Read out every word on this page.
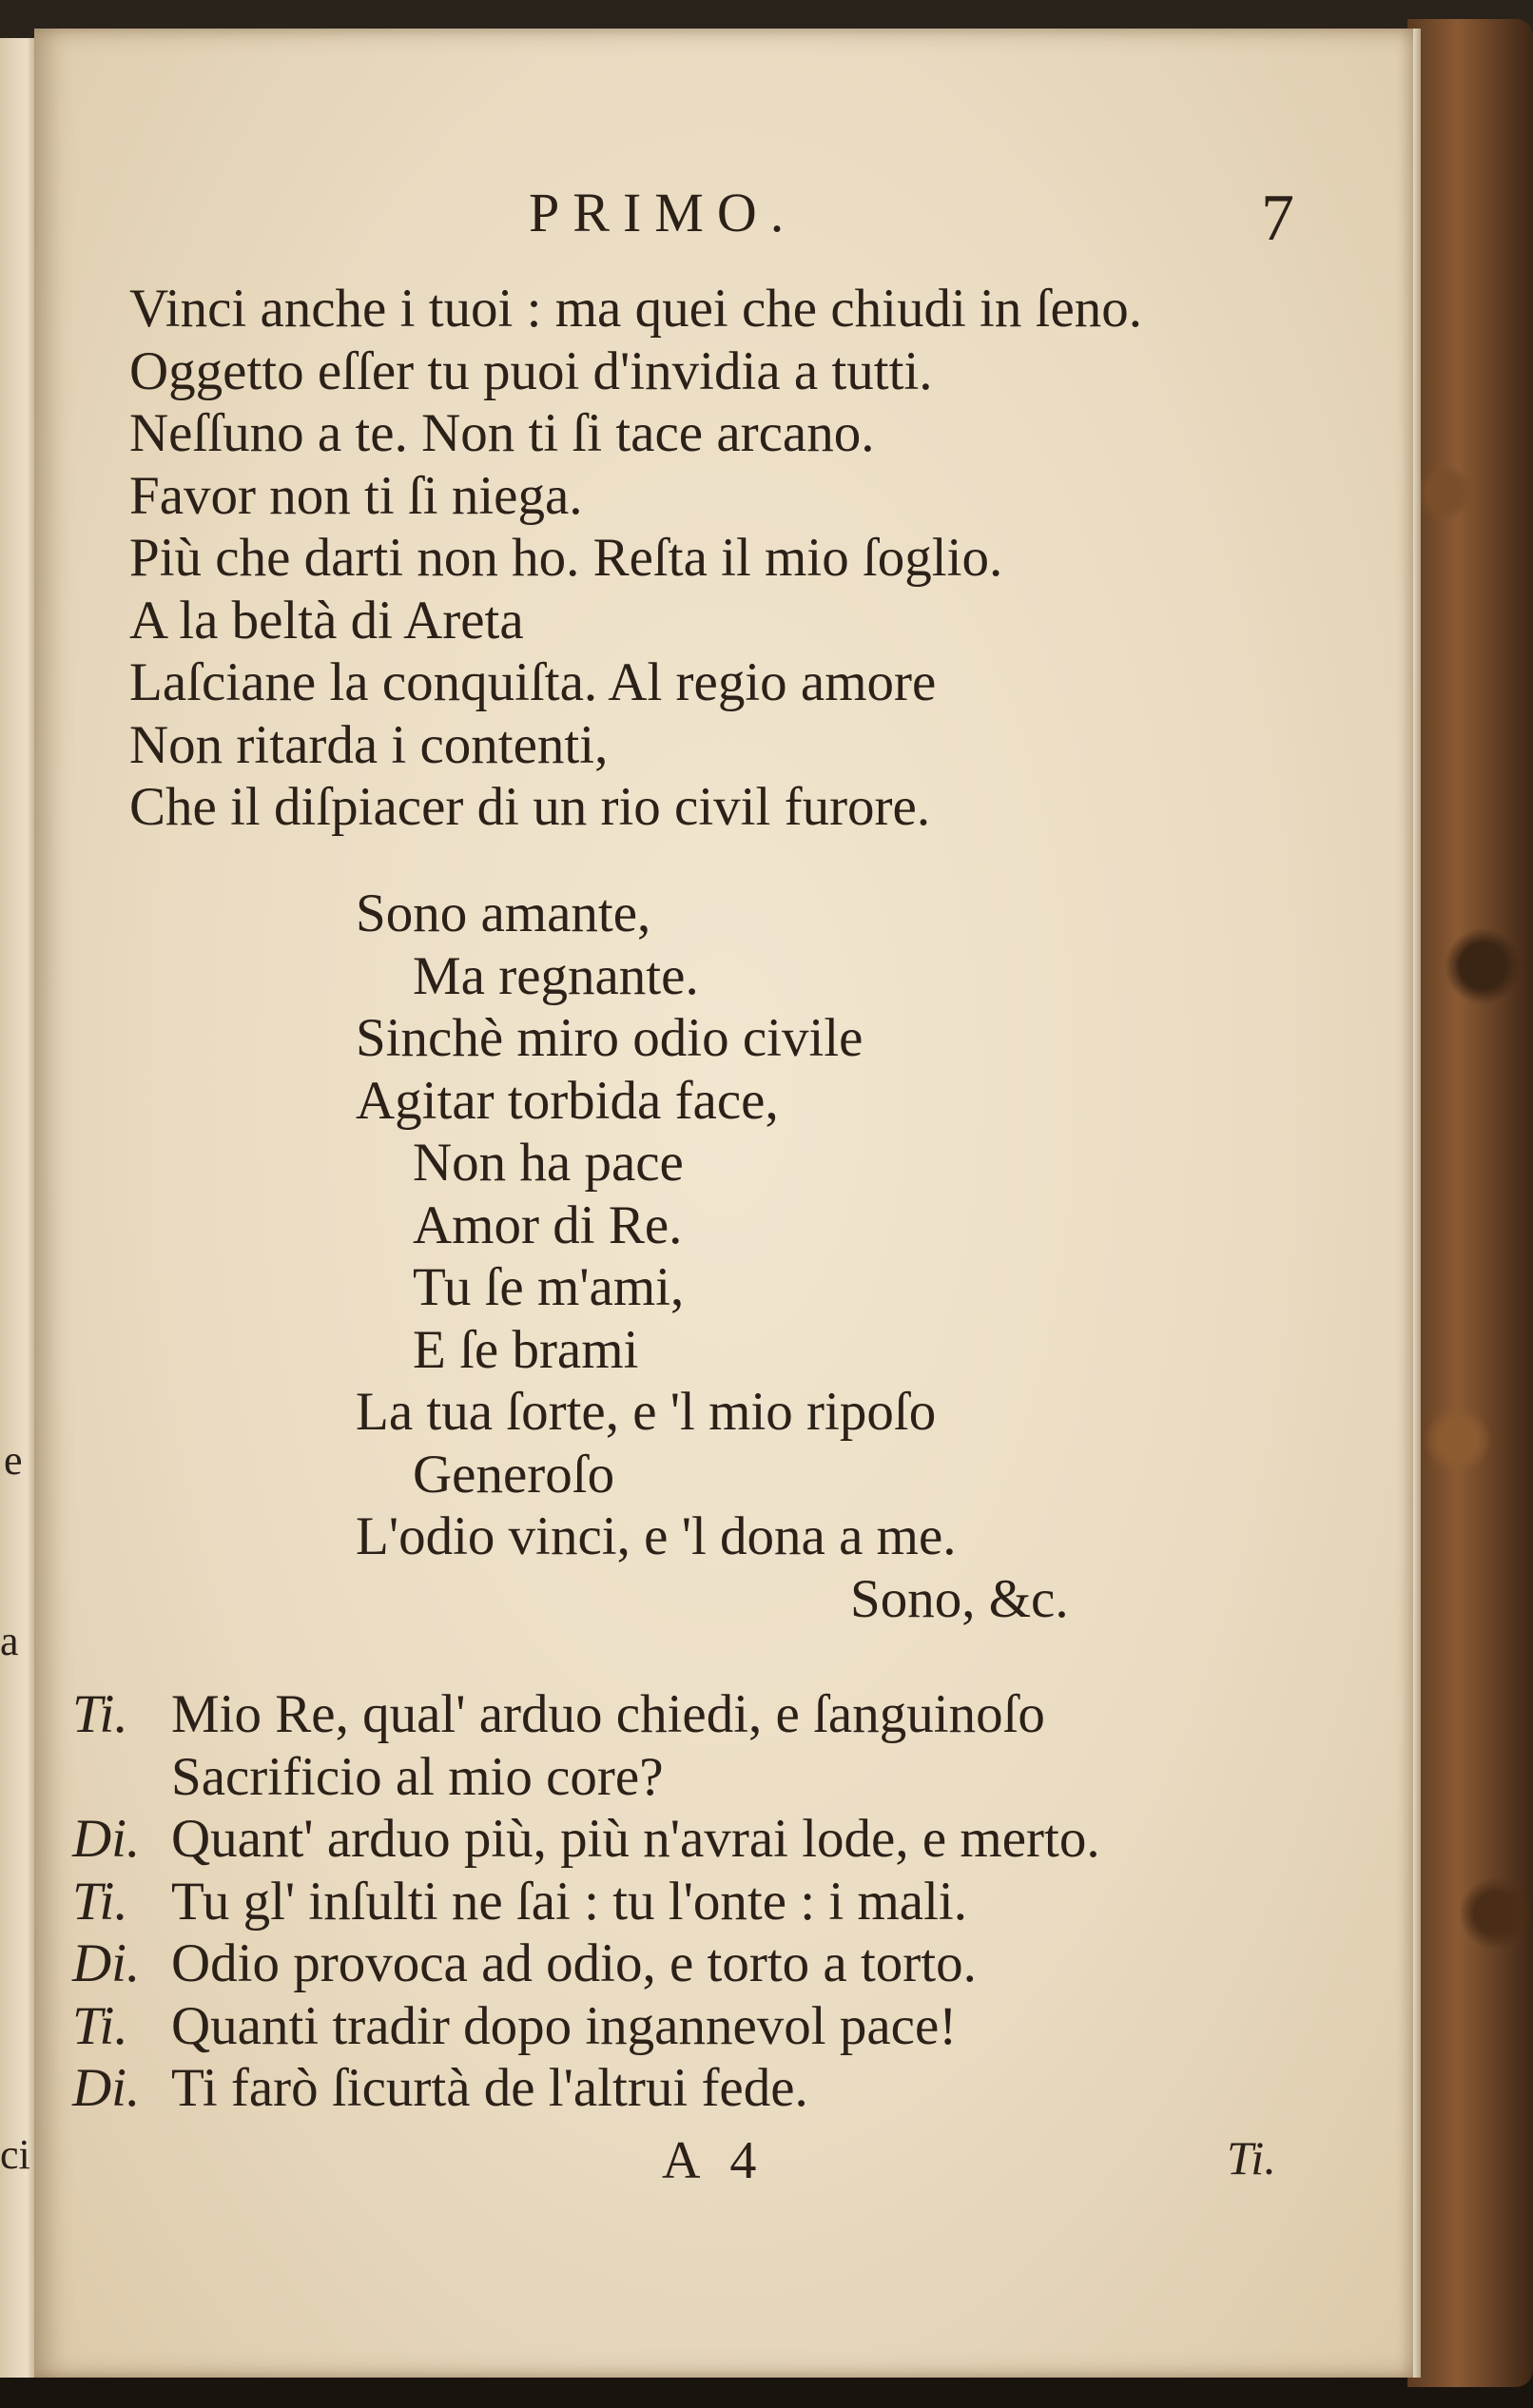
e
a
ci
PRIMO.	7
Vinci anche i tuoi : ma quei che chiudi in ſeno.
Oggetto eſſer tu puoi d'invidia a tutti.
Neſſuno a te. Non ti ſi tace arcano.
Favor non ti ſi niega.
Più che darti non ho. Reſta il mio ſoglio.
A la beltà di Areta
Laſciane la conquiſta. Al regio amore
Non ritarda i contenti,
Che il diſpiacer di un rio civil furore.
Sono amante,
Ma regnante.
Sinchè miro odio civile
Agitar torbida face,
Non ha pace
Amor di Re.
Tu ſe m'ami,
E ſe brami
La tua ſorte, e 'l mio ripoſo
Generoſo
L'odio vinci, e 'l dona a me.
Sono, &c.
Ti. Mio Re, qual' arduo chiedi, e ſanguinoſo
Sacrificio al mio core?
Di. Quant' arduo più, più n'avrai lode, e merto.
Ti. Tu gl' inſulti ne ſai : tu l'onte : i mali.
Di. Odio provoca ad odio, e torto a torto.
Ti. Quanti tradir dopo ingannevol pace!
Di. Ti farò ſicurtà de l'altrui fede.
A 4	Ti.
